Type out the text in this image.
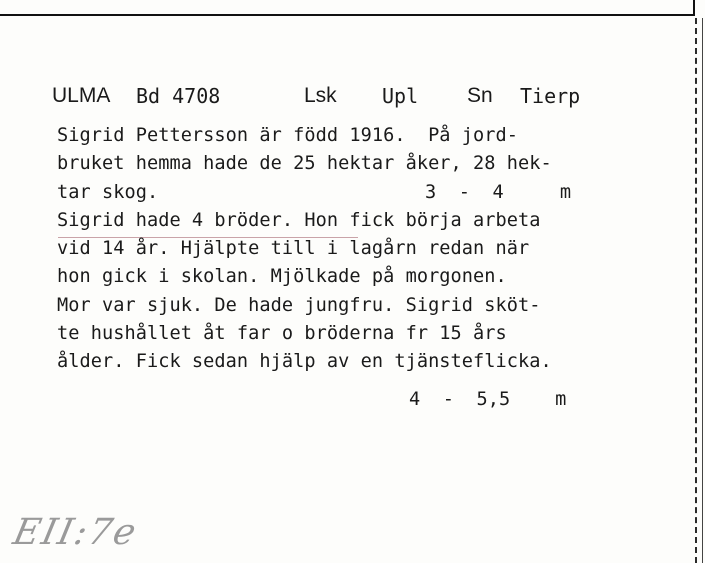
ULMA Bd 4708	Lsk Upl Sn Tierp
Sigrid Pettersson är född 1916.  På jord-
bruket hemma hade de 25 hektar åker, 28 hek-
tar skog.
Sigrid hade 4 bröder. Hon fick börja arbeta
vid 14 år. Hjälpte till i lagårn redan när
hon gick i skolan. Mjölkade på morgonen.
Mor var sjuk. De hade jungfru. Sigrid sköt-
te hushållet åt far o bröderna fr 15 års
ålder. Fick sedan hjälp av en tjänsteflicka.
3  -  4     m
4  -  5,5    m
EII:7e
